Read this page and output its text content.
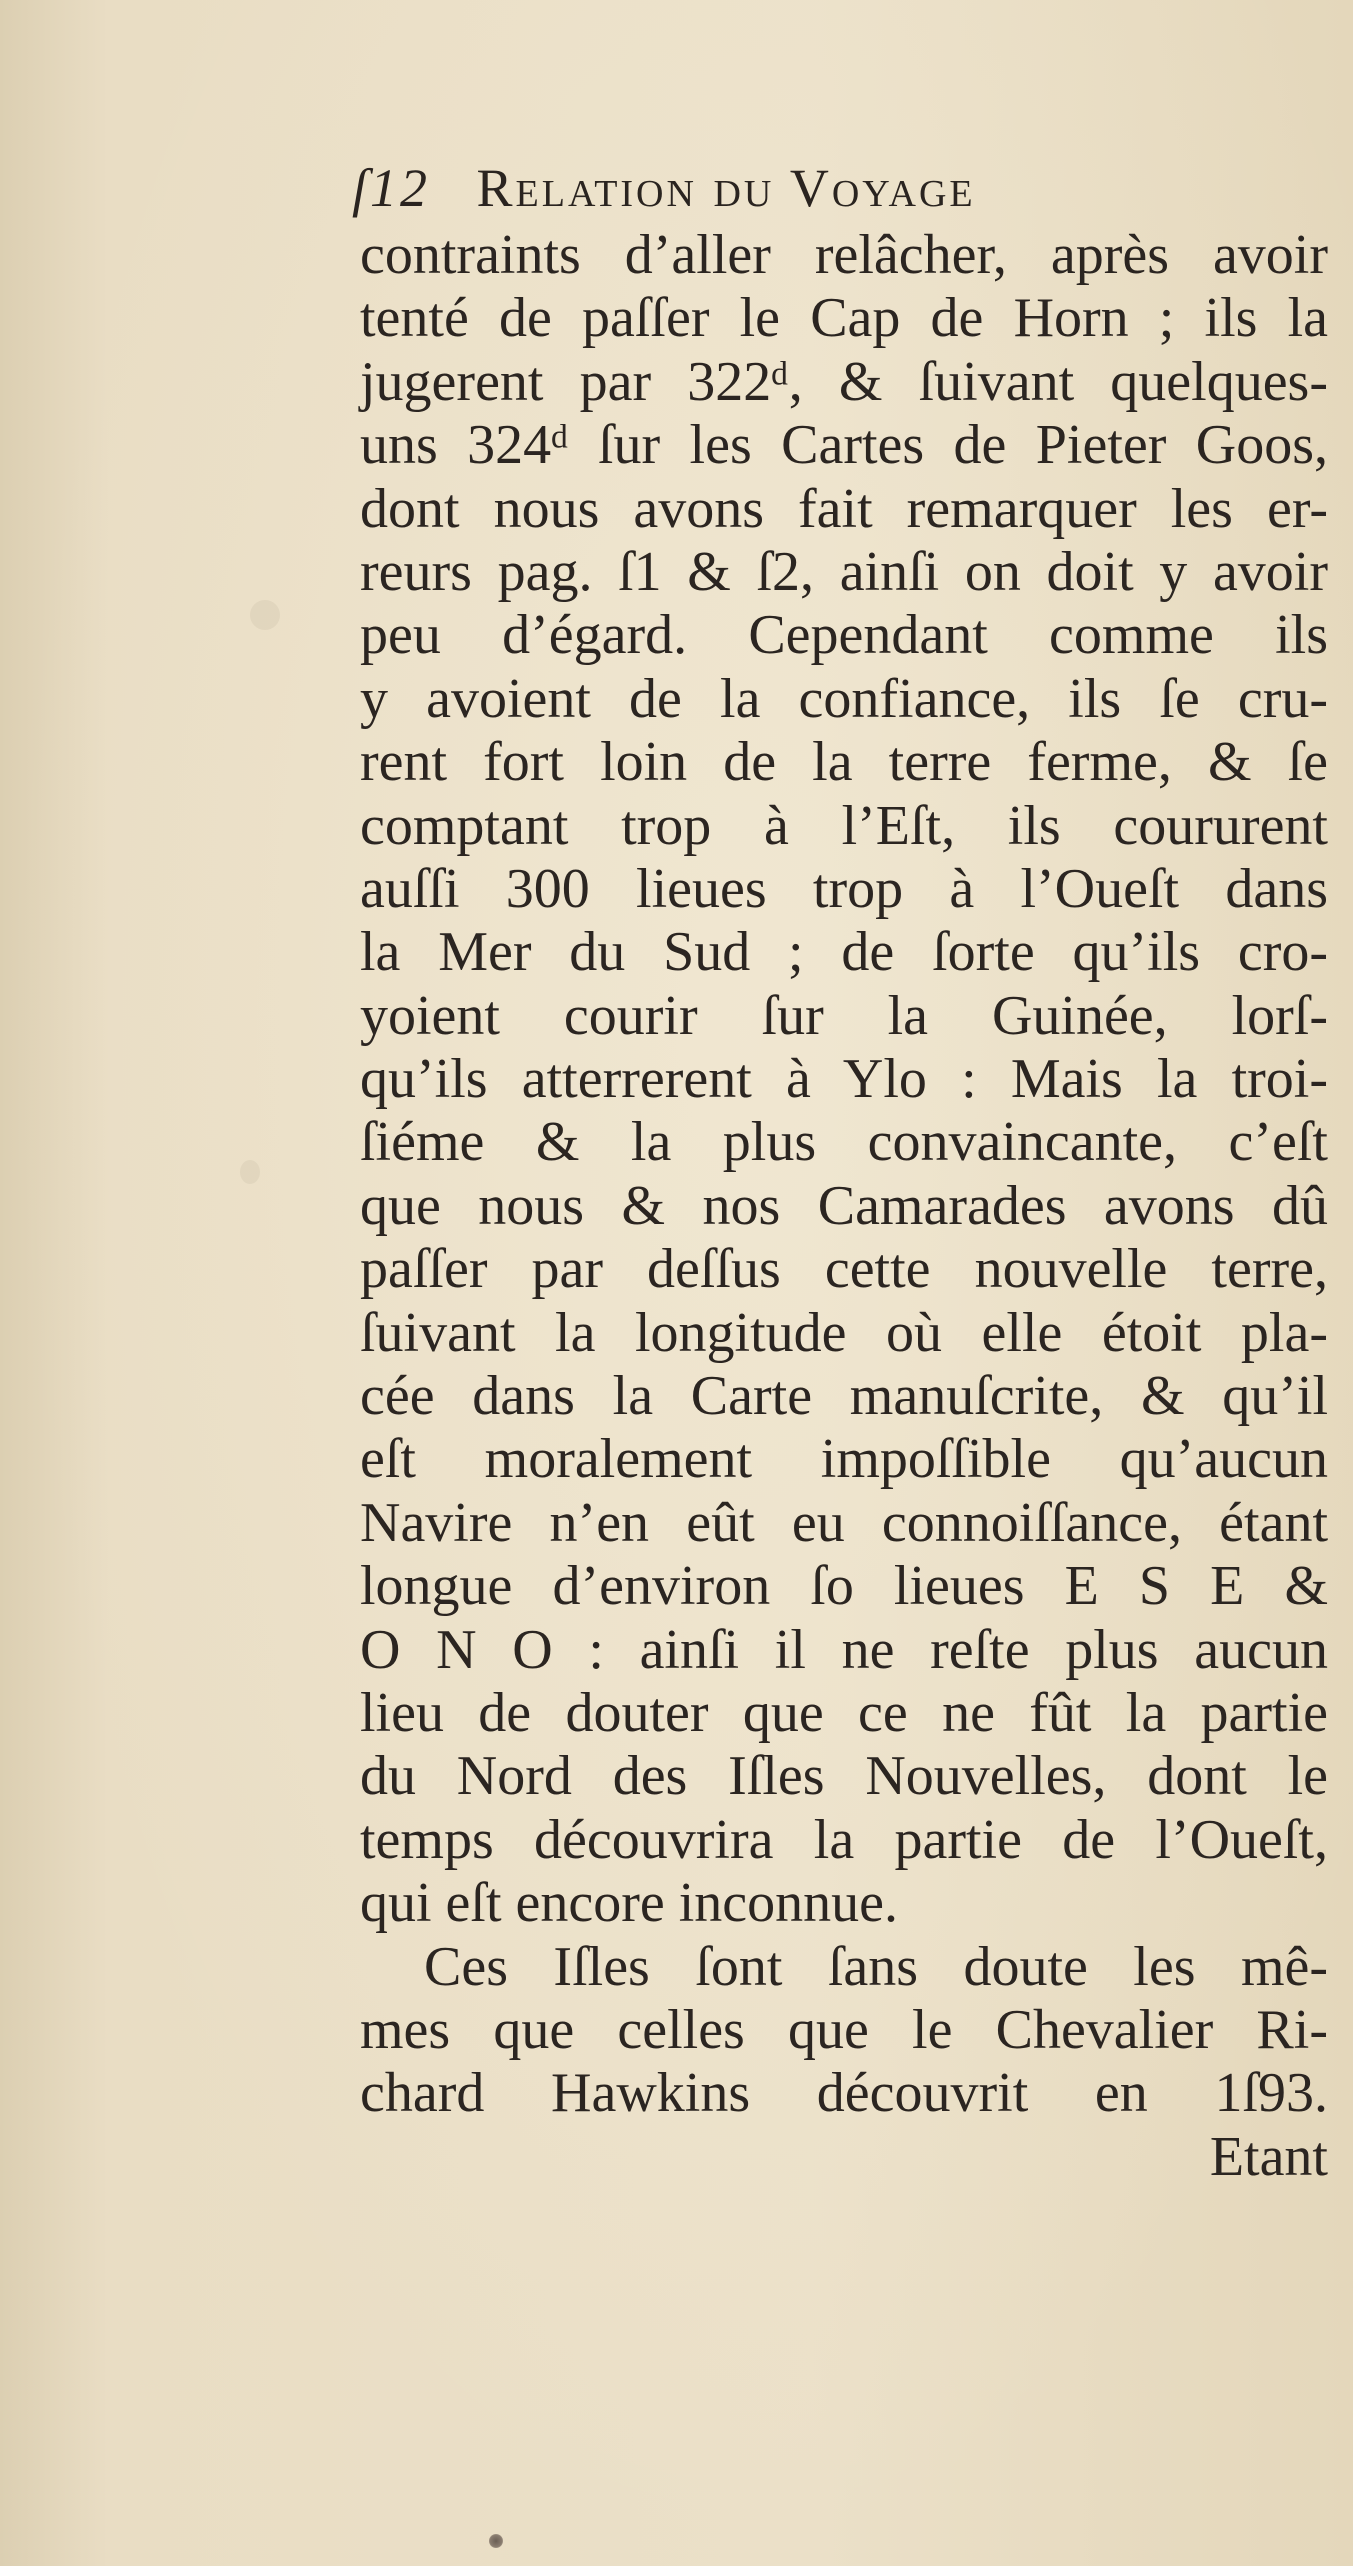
ſ12 Relation du Voyage
contraints d’aller relâcher, après avoir
tenté de paſſer le Cap de Horn ; ils la
jugerent par 322ᵈ, & ſuivant quelques-
uns 324ᵈ ſur les Cartes de Pieter Goos,
dont nous avons fait remarquer les er-
reurs pag. ſ1 & ſ2, ainſi on doit y avoir
peu d’égard. Cependant comme ils
y avoient de la confiance, ils ſe cru-
rent fort loin de la terre ferme, & ſe
comptant trop à l’Eſt, ils coururent
auſſi 300 lieues trop à l’Oueſt dans
la Mer du Sud ; de ſorte qu’ils cro-
yoient courir ſur la Guinée, lorſ-
qu’ils atterrerent à Ylo : Mais la troi-
ſiéme & la plus convaincante, c’eſt
que nous & nos Camarades avons dû
paſſer par deſſus cette nouvelle terre,
ſuivant la longitude où elle étoit pla-
cée dans la Carte manuſcrite, & qu’il
eſt moralement impoſſible qu’aucun
Navire n’en eût eu connoiſſance, étant
longue d’environ ſo lieues E S E &
O N O : ainſi il ne reſte plus aucun
lieu de douter que ce ne fût la partie
du Nord des Iſles Nouvelles, dont le
temps découvrira la partie de l’Oueſt,
qui eſt encore inconnue.
Ces Iſles ſont ſans doute les mê-
mes que celles que le Chevalier Ri-
chard Hawkins découvrit en 1ſ93.
Etant
